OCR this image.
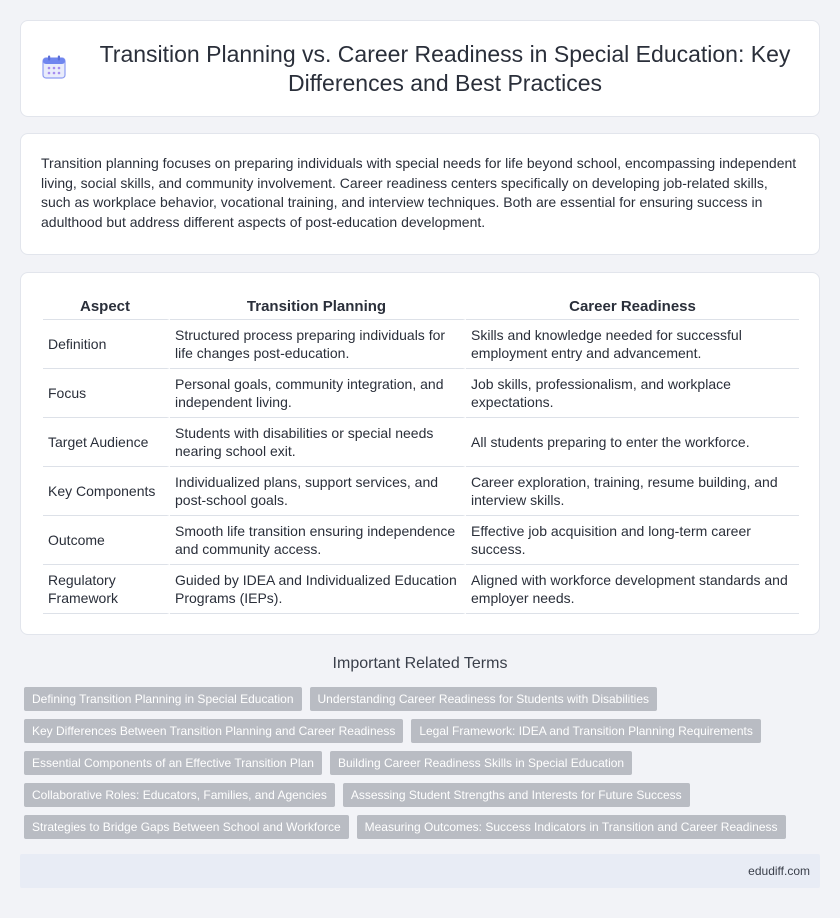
Transition Planning vs. Career Readiness in Special Education: Key Differences and Best Practices

Transition planning focuses on preparing individuals with special needs for life beyond school, encompassing independent living, social skills, and community involvement. Career readiness centers specifically on developing job-related skills, such as workplace behavior, vocational training, and interview techniques. Both are essential for ensuring success in adulthood but address different aspects of post-education development.

Aspect	Transition Planning	Career Readiness
Definition	Structured process preparing individuals for life changes post-education.	Skills and knowledge needed for successful employment entry and advancement.
Focus	Personal goals, community integration, and independent living.	Job skills, professionalism, and workplace expectations.
Target Audience	Students with disabilities or special needs nearing school exit.	All students preparing to enter the workforce.
Key Components	Individualized plans, support services, and post-school goals.	Career exploration, training, resume building, and interview skills.
Outcome	Smooth life transition ensuring independence and community access.	Effective job acquisition and long-term career success.
Regulatory Framework	Guided by IDEA and Individualized Education Programs (IEPs).	Aligned with workforce development standards and employer needs.
Important Related Terms
Defining Transition Planning in Special Education	Understanding Career Readiness for Students with Disabilities
Key Differences Between Transition Planning and Career Readiness	Legal Framework: IDEA and Transition Planning Requirements
Essential Components of an Effective Transition Plan	Building Career Readiness Skills in Special Education
Collaborative Roles: Educators, Families, and Agencies	Assessing Student Strengths and Interests for Future Success
Strategies to Bridge Gaps Between School and Workforce	Measuring Outcomes: Success Indicators in Transition and Career Readiness
edudiff.com
